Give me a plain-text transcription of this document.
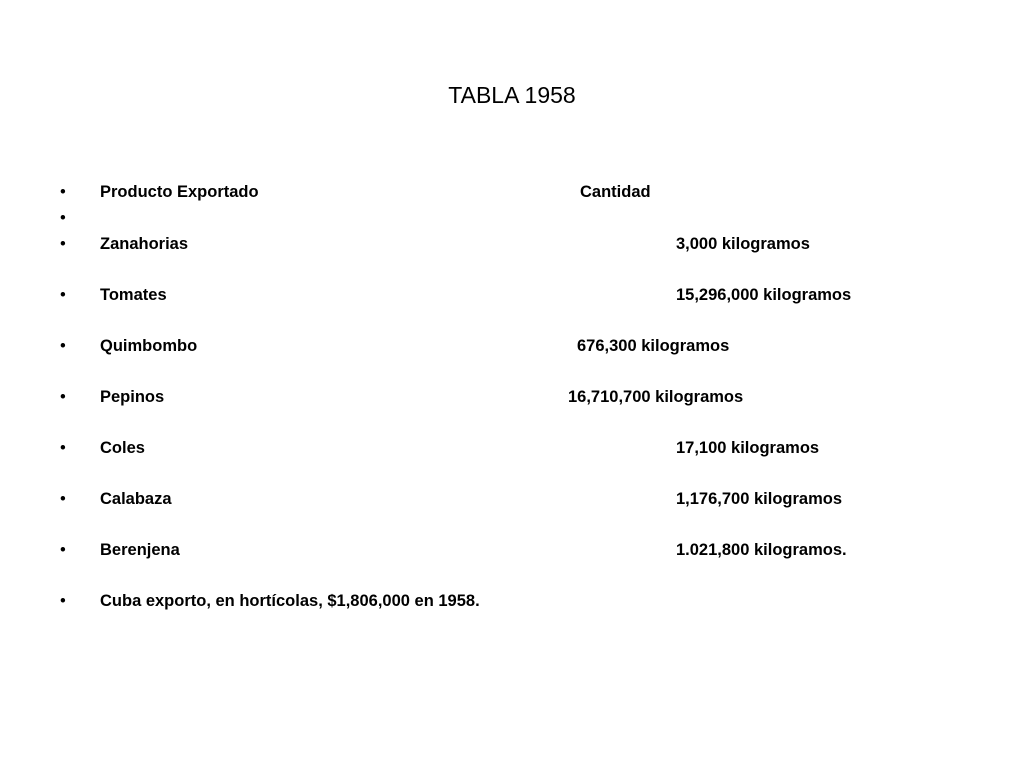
TABLA 1958
• Producto Exportado	Cantidad
•
• Zanahorias	3,000 kilogramos
• Tomates	15,296,000 kilogramos
• Quimbombo	676,300 kilogramos
• Pepinos	16,710,700 kilogramos
• Coles	17,100 kilogramos
• Calabaza	1,176,700 kilogramos
• Berenjena	1.021,800 kilogramos.
• Cuba exporto, en hortícolas, $1,806,000 en 1958.
